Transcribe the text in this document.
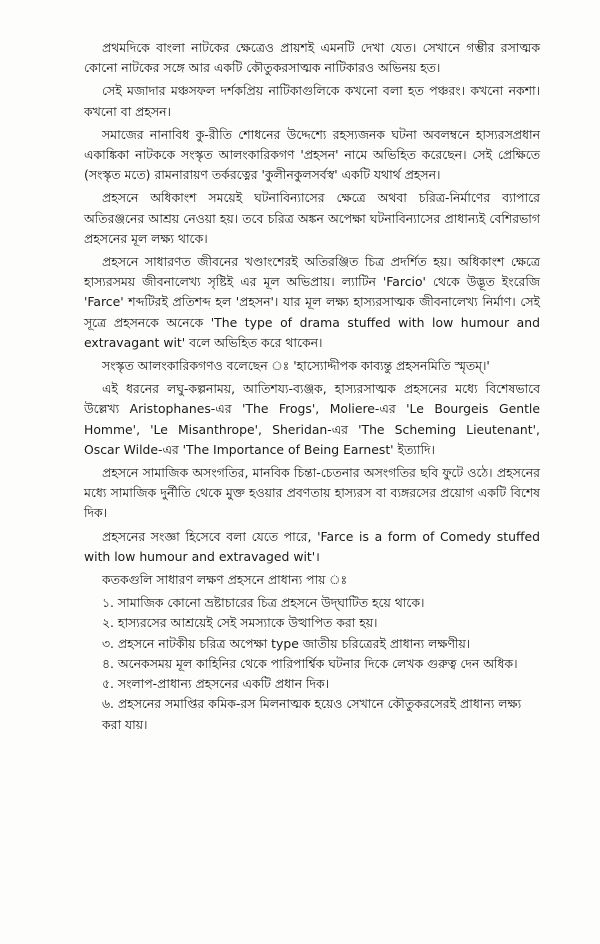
প্রথমদিকে বাংলা নাটকের ক্ষেত্রেও প্রায়শই এমনটি দেখা যেত। সেখানে গম্ভীর রসাত্মক কোনো নাটকের সঙ্গে আর একটি কৌতুকরসাত্মক নাটিকারও অভিনয় হত।

সেই মজাদার মঞ্চসফল দর্শকপ্রিয় নাটিকাগুলিকে কখনো বলা হত পঞ্চরং। কখনো নকশা। কখনো বা প্রহসন।

সমাজের নানাবিধ কু-রীতি শোধনের উদ্দেশ্যে রহস্যজনক ঘটনা অবলম্বনে হাস্যরসপ্রধান একাঙ্কিকা নাটককে সংস্কৃত আলংকারিকগণ 'প্রহসন' নামে অভিহিত করেছেন। সেই প্রেক্ষিতে (সংস্কৃত মতে) রামনারায়ণ তর্করত্নের 'কুলীনকুলসর্বস্ব' একটি যথার্থ প্রহসন।

প্রহসনে অধিকাংশ সময়েই ঘটনাবিন্যাসের ক্ষেত্রে অথবা চরিত্র-নির্মাণের ব্যাপারে অতিরঞ্জনের আশ্রয় নেওয়া হয়। তবে চরিত্র অঙ্কন অপেক্ষা ঘটনাবিন্যাসের প্রাধান্যই বেশিরভাগ প্রহসনের মূল লক্ষ্য থাকে।

প্রহসনে সাধারণত জীবনের খণ্ডাংশেরই অতিরঞ্জিত চিত্র প্রদর্শিত হয়। অধিকাংশ ক্ষেত্রে হাস্যরসময় জীবনালেখ্য সৃষ্টিই এর মূল অভিপ্রায়। ল্যাটিন 'Farcio' থেকে উদ্ভূত ইংরেজি 'Farce' শব্দটিরই প্রতিশব্দ হল 'প্রহসন'। যার মূল লক্ষ্য হাস্যরসাত্মক জীবনালেখ্য নির্মাণ। সেই সূত্রে প্রহসনকে অনেকে 'The type of drama stuffed with low humour and extravagant wit' বলে অভিহিত করে থাকেন।

সংস্কৃত আলংকারিকগণও বলেছেন ঃ 'হাস্যোদ্দীপক কাব্যন্তু প্রহসনমিতি স্মৃতম্।'

এই ধরনের লঘু-কল্পনাময়, আতিশয্য-ব্যঞ্জক, হাস্যরসাত্মক প্রহসনের মধ্যে বিশেষভাবে উল্লেখ্য Aristophanes-এর 'The Frogs', Moliere-এর 'Le Bourgeis Gentle Homme', 'Le Misanthrope', Sheridan-এর 'The Scheming Lieutenant', Oscar Wilde-এর 'The Importance of Being Earnest' ইত্যাদি।

প্রহসনে সামাজিক অসংগতির, মানবিক চিন্তা-চেতনার অসংগতির ছবি ফুটে ওঠে। প্রহসনের মধ্যে সামাজিক দুর্নীতি থেকে মুক্ত হওয়ার প্রবণতায় হাস্যরস বা ব্যঙ্গরসের প্রয়োগ একটি বিশেষ দিক।

প্রহসনের সংজ্ঞা হিসেবে বলা যেতে পারে, 'Farce is a form of Comedy stuffed with low humour and extravaged wit'।

কতকগুলি সাধারণ লক্ষণ প্রহসনে প্রাধান্য পায় ঃ

১. সামাজিক কোনো ভ্রষ্টাচারের চিত্র প্রহসনে উদ্‌ঘাটিত হয়ে থাকে।
২. হাস্যরসের আশ্রয়েই সেই সমস্যাকে উত্থাপিত করা হয়।
৩. প্রহসনে নাটকীয় চরিত্র অপেক্ষা type জাতীয় চরিত্রেরই প্রাধান্য লক্ষণীয়।
৪. অনেকসময় মূল কাহিনির থেকে পারিপার্শ্বিক ঘটনার দিকে লেখক গুরুত্ব দেন অধিক।
৫. সংলাপ-প্রাধান্য প্রহসনের একটি প্রধান দিক।
৬. প্রহসনের সমাপ্তির কমিক-রস মিলনাত্মক হয়েও সেখানে কৌতুকরসেরই প্রাধান্য লক্ষ্য করা যায়।
